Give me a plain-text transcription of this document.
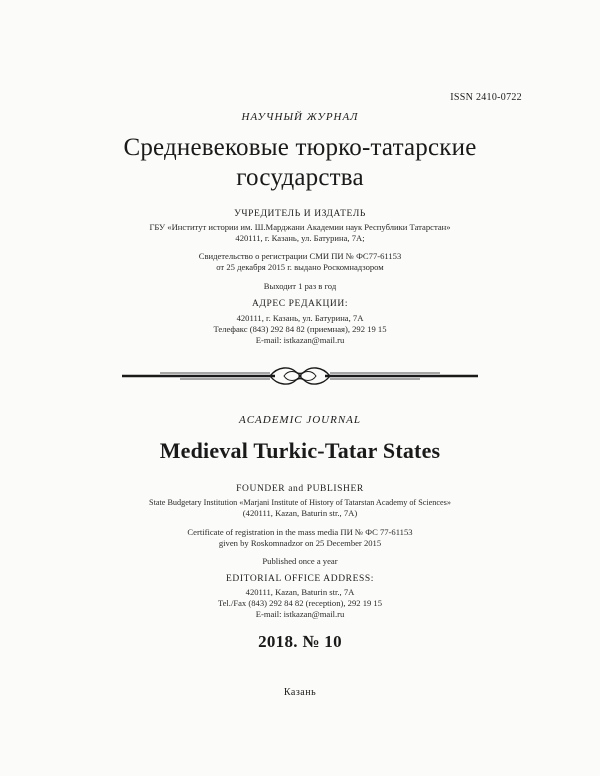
ISSN 2410-0722
НАУЧНЫЙ ЖУРНАЛ
Средневековые тюрко-татарские
государства
УЧРЕДИТЕЛЬ И ИЗДАТЕЛЬ
ГБУ «Институт истории им. Ш.Марджани Академии наук Республики Татарстан»
420111, г. Казань, ул. Батурина, 7А;
Свидетельство о регистрации СМИ ПИ № ФС77-61153
от 25 декабря 2015 г. выдано Роскомнадзором
Выходит 1 раз в год
АДРЕС РЕДАКЦИИ:
420111, г. Казань, ул. Батурина, 7А
Телефакс (843) 292 84 82 (приемная), 292 19 15
E-mail: istkazan@mail.ru
ACADEMIC JOURNAL
Medieval Turkic-Tatar States
FOUNDER and PUBLISHER
State Budgetary Institution «Marjani Institute of History of Tatarstan Academy of Sciences»
(420111, Kazan, Baturin str., 7A)
Certificate of registration in the mass media ПИ № ФС 77-61153
given by Roskomnadzor on 25 December 2015
Published once a year
EDITORIAL OFFICE ADDRESS:
420111, Kazan, Baturin str., 7A
Tel./Fax (843) 292 84 82 (reception), 292 19 15
E-mail: istkazan@mail.ru
2018. № 10
Казань
